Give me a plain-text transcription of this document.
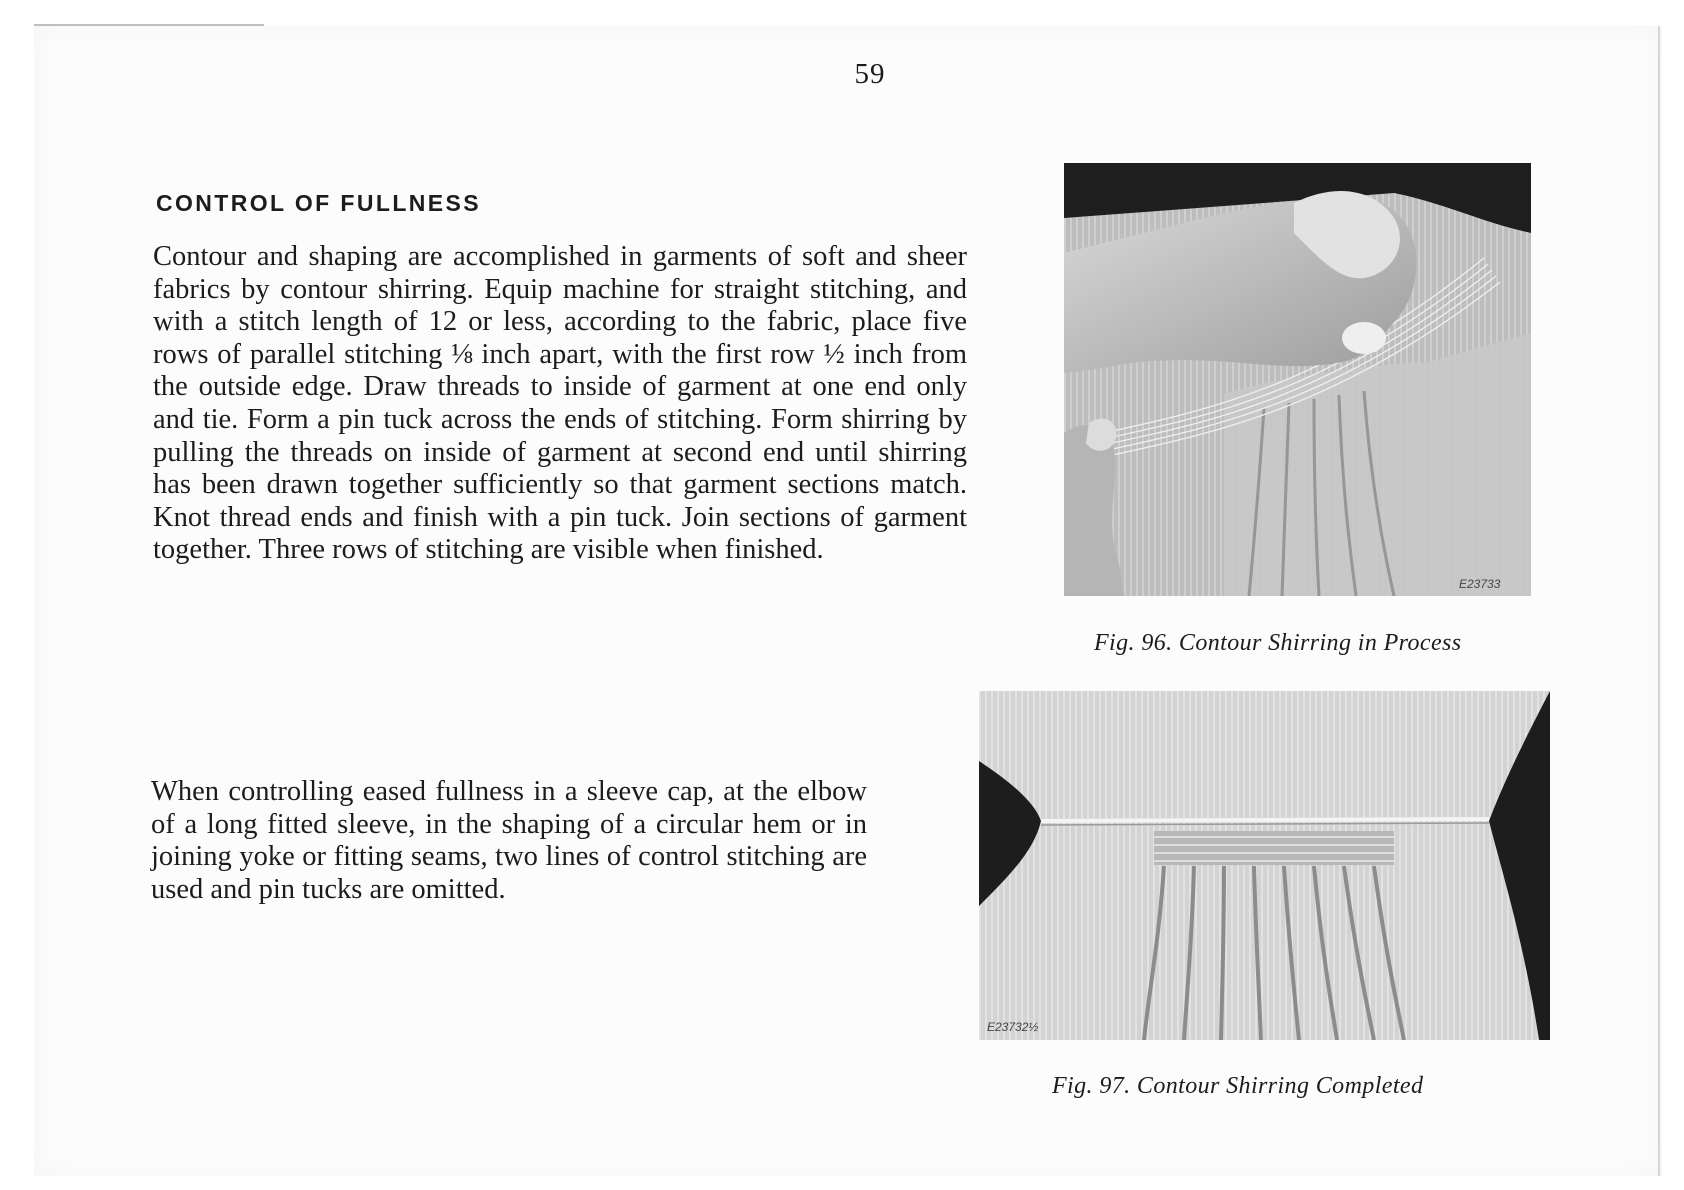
59
CONTROL OF FULLNESS

Contour and shaping are accomplished in garments of soft and sheer fabrics by contour shirring. Equip machine for straight stitching, and with a stitch length of 12 or less, according to the fabric, place five rows of parallel stitching ⅛ inch apart, with the first row ½ inch from the outside edge. Draw threads to inside of garment at one end only and tie. Form a pin tuck across the ends of stitching. Form shirring by pulling the threads on inside of garment at second end until shirring has been drawn together sufficiently so that garment sections match. Knot thread ends and finish with a pin tuck. Join sections of garment together. Three rows of stitching are visible when finished.

When controlling eased fullness in a sleeve cap, at the elbow of a long fitted sleeve, in the shaping of a circular hem or in joining yoke or fitting seams, two lines of control stitching are used and pin tucks are omitted.

E23733
Fig. 96. Contour Shirring in Process
E23732½
Fig. 97. Contour Shirring Completed
